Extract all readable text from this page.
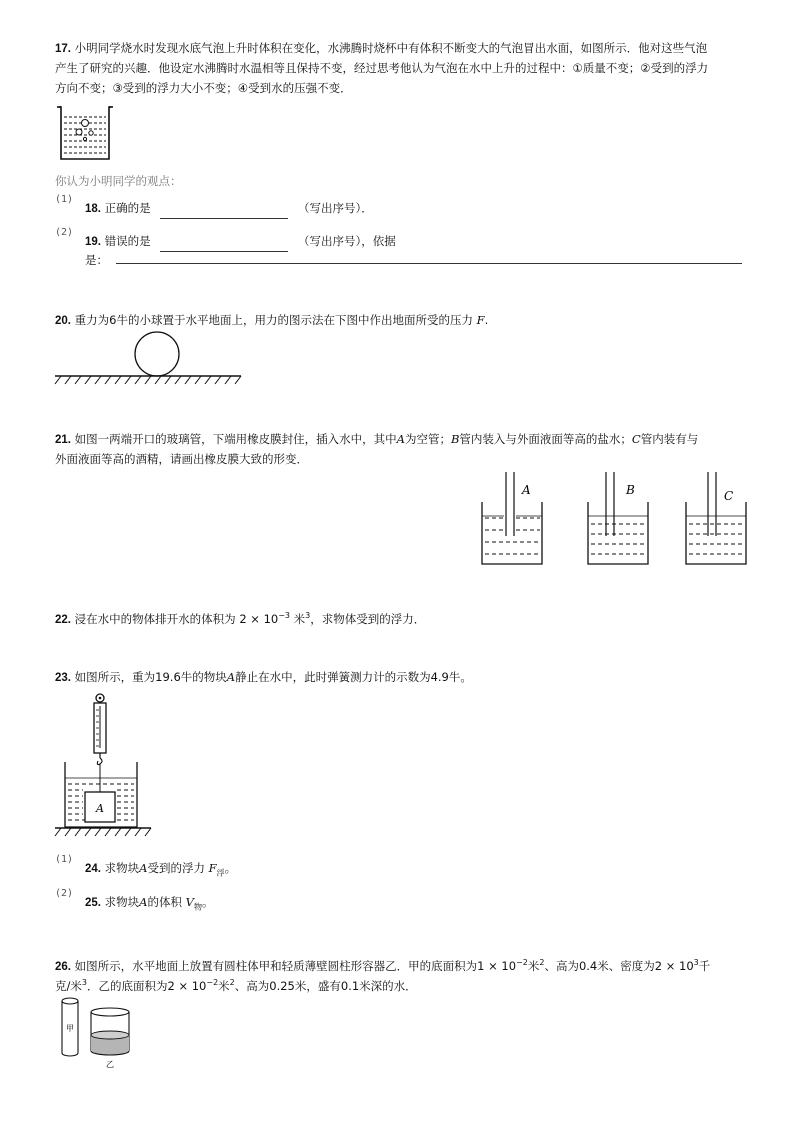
17. 小明同学烧水时发现水底气泡上升时体积在变化，水沸腾时烧杯中有体积不断变大的气泡冒出水面，如图所示．他对这些气泡
产生了研究的兴趣．他设定水沸腾时水温相等且保持不变，经过思考他认为气泡在水中上升的过程中：①质量不变；②受到的浮力
方向不变；③受到的浮力大小不变；④受到水的压强不变．
你认为小明同学的观点：
(1)
18. 正确的是	（写出序号）．
(2)
19. 错误的是	（写出序号），依据
是：
20. 重力为6牛的小球置于水平地面上，用力的图示法在下图中作出地面所受的压力 F.
21. 如图一两端开口的玻璃管，下端用橡皮膜封住，插入水中，其中A为空管；B管内装入与外面液面等高的盐水；C管内装有与
外面液面等高的酒精，请画出橡皮膜大致的形变．
A	B	C
22. 浸在水中的物体排开水的体积为 $2 \times 10^{-3}$ 米$^3$，求物体受到的浮力．
23. 如图所示，重为19.6牛的物块A静止在水中，此时弹簧测力计的示数为4.9牛。
A
(1)
24. 求物块A受到的浮力 $F_浮$。
(2)
25. 求物块A的体积 $V_物$。
26. 如图所示，水平地面上放置有圆柱体甲和轻质薄壁圆柱形容器乙．甲的底面积为$1 \times 10^{-2}$米$^2$、高为0.4米、密度为$2 \times 10^3$千
克/米$^3$．乙的底面积为$2 \times 10^{-2}$米$^2$、高为0.25米，盛有0.1米深的水．
甲
乙
